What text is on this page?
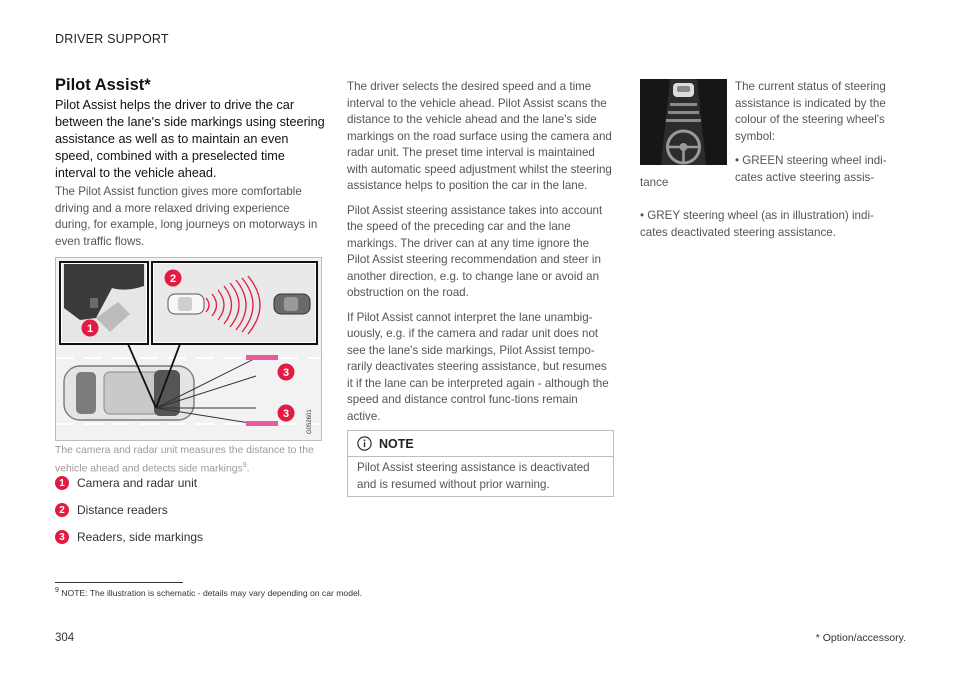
DRIVER SUPPORT
Pilot Assist*
Pilot Assist helps the driver to drive the car between the lane's side markings using steering assistance as well as to maintain an even speed, combined with a preselected time interval to the vehicle ahead.
The Pilot Assist function gives more comfortable driving and a more relaxed driving experience during, for example, long journeys on motorways in even traffic flows.
G052601
1
2
3
3
The camera and radar unit measures the distance to the vehicle ahead and detects side markings$^9$.
1	Camera and radar unit
2	Distance readers
3	Readers, side markings

The driver selects the desired speed and a time interval to the vehicle ahead. Pilot Assist scans the distance to the vehicle ahead and the lane's side markings on the road surface using the camera and radar unit. The preset time interval is maintained with automatic speed adjustment whilst the steering assistance helps to position the car in the lane.

Pilot Assist steering assistance takes into account the speed of the preceding car and the lane markings. The driver can at any time ignore the Pilot Assist steering recommendation and steer in another direction, e.g. to change lane or avoid an obstruction on the road.

If Pilot Assist cannot interpret the lane unambig-uously, e.g. if the camera and radar unit does not see the lane's side markings, Pilot Assist tempo-rarily deactivates steering assistance, but resumes it if the lane can be interpreted again - although the speed and distance control func-tions remain active.

NOTE
Pilot Assist steering assistance is deactivated and is resumed without prior warning.
The current status of steering assistance is indicated by the colour of the steering wheel's symbol:
• GREEN steering wheel indi-cates active steering assis-
tance
• GREY steering wheel (as in illustration) indi-cates deactivated steering assistance.
$^9$ NOTE: The illustration is schematic - details may vary depending on car model.
304	* Option/accessory.
